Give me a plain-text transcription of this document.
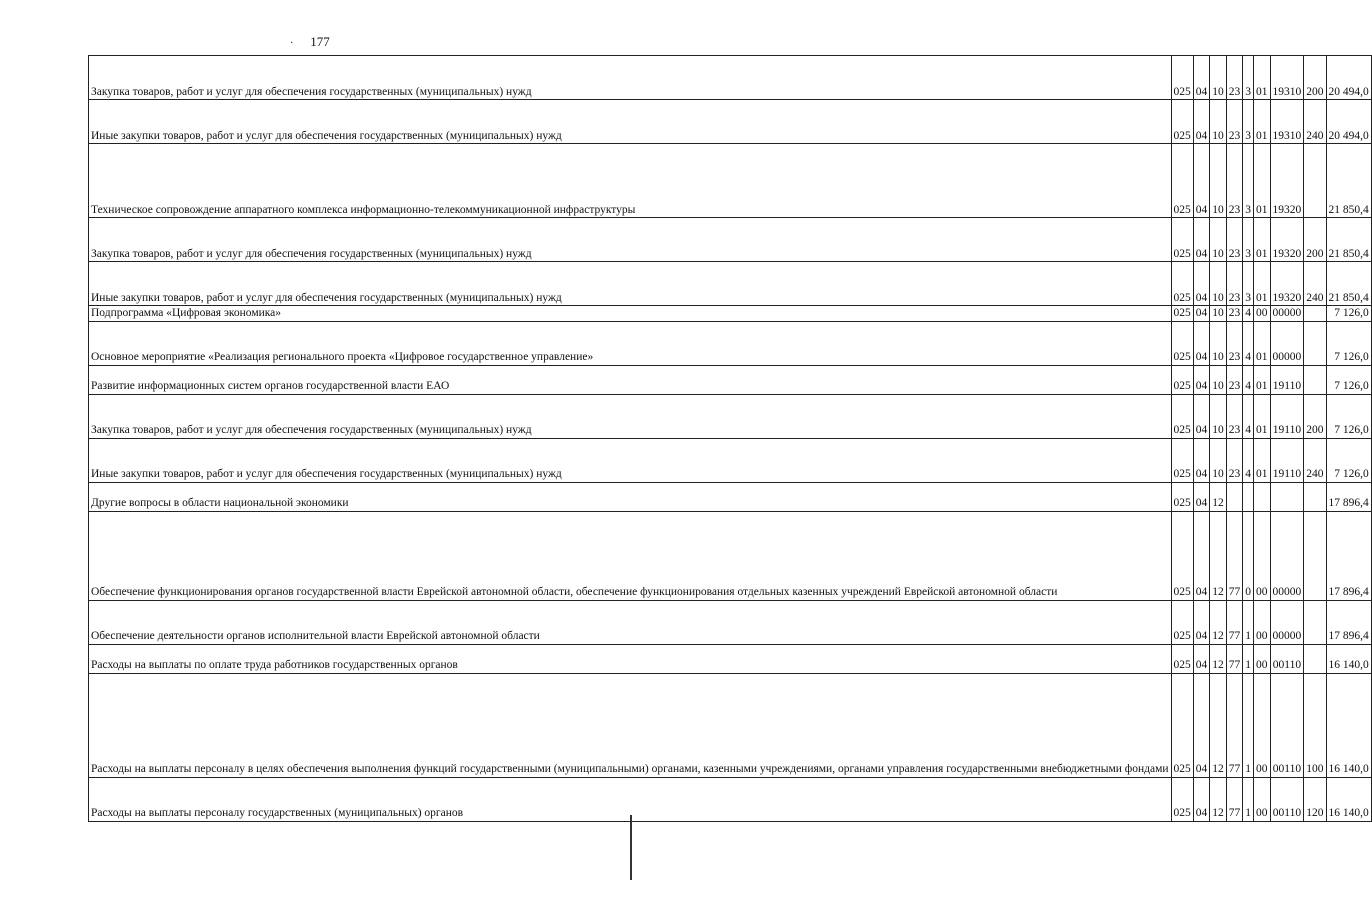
177
·
Закупка товаров, работ и услуг для обеспечения государственных (муниципальных) нужд	025	04	10	23	3	01	19310	200	20 494,0
Иные закупки товаров, работ и услуг для обеспечения государственных (муниципальных) нужд	025	04	10	23	3	01	19310	240	20 494,0
Техническое сопровождение аппаратного комплекса информационно-телекоммуникационной инфраструктуры	025	04	10	23	3	01	19320		21 850,4
Закупка товаров, работ и услуг для обеспечения государственных (муниципальных) нужд	025	04	10	23	3	01	19320	200	21 850,4
Иные закупки товаров, работ и услуг для обеспечения государственных (муниципальных) нужд	025	04	10	23	3	01	19320	240	21 850,4
Подпрограмма «Цифровая экономика»	025	04	10	23	4	00	00000		7 126,0
Основное мероприятие «Реализация регионального проекта «Цифровое государственное управление»	025	04	10	23	4	01	00000		7 126,0
Развитие информационных систем органов государственной власти ЕАО	025	04	10	23	4	01	19110		7 126,0
Закупка товаров, работ и услуг для обеспечения государственных (муниципальных) нужд	025	04	10	23	4	01	19110	200	7 126,0
Иные закупки товаров, работ и услуг для обеспечения государственных (муниципальных) нужд	025	04	10	23	4	01	19110	240	7 126,0
Другие вопросы в области национальной экономики	025	04	12						17 896,4
Обеспечение функционирования органов государственной власти Еврейской автономной области, обеспечение функционирования отдельных казенных учреждений Еврейской автономной области	025	04	12	77	0	00	00000		17 896,4
Обеспечение деятельности органов исполнительной власти Еврейской автономной области	025	04	12	77	1	00	00000		17 896,4
Расходы на выплаты по оплате труда работников государственных органов	025	04	12	77	1	00	00110		16 140,0
Расходы на выплаты персоналу в целях обеспечения выполнения функций государственными (муниципальными) органами, казенными учреждениями, органами управления государственными внебюджетными фондами	025	04	12	77	1	00	00110	100	16 140,0
Расходы на выплаты персоналу государственных (муниципальных) органов	025	04	12	77	1	00	00110	120	16 140,0
